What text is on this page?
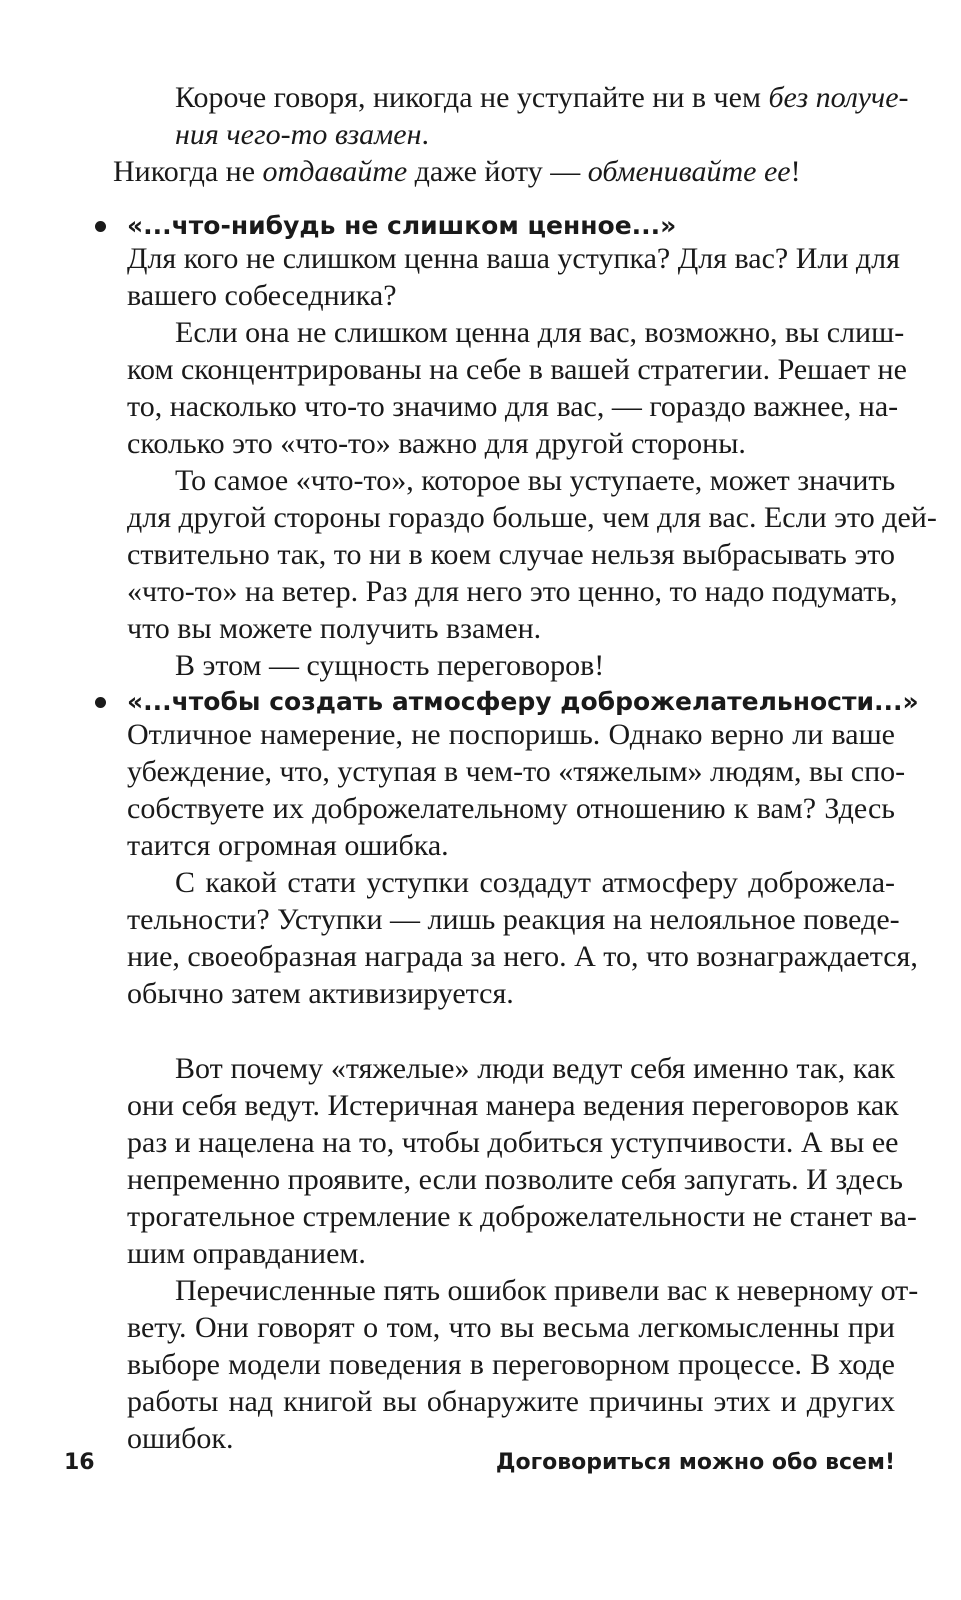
Короче говоря, никогда не уступайте ни в чем без получе-
ния чего-то взамен.
Никогда не отдавайте даже йоту — обменивайте ее!
«...что-нибудь не слишком ценное...»
Для кого не слишком ценна ваша уступка? Для вас? Или для
вашего собеседника?
Если она не слишком ценна для вас, возможно, вы слиш-
ком сконцентрированы на себе в вашей стратегии. Решает не
то, насколько что-то значимо для вас, — гораздо важнее, на-
сколько это «что-то» важно для другой стороны.
То самое «что-то», которое вы уступаете, может значить
для другой стороны гораздо больше, чем для вас. Если это дей-
ствительно так, то ни в коем случае нельзя выбрасывать это
«что-то» на ветер. Раз для него это ценно, то надо подумать,
что вы можете получить взамен.
В этом — сущность переговоров!
«...чтобы создать атмосферу доброжелательности...»
Отличное намерение, не поспоришь. Однако верно ли ваше
убеждение, что, уступая в чем-то «тяжелым» людям, вы спо-
собствуете их доброжелательному отношению к вам? Здесь
таится огромная ошибка.
С какой стати уступки создадут атмосферу доброжела-
тельности? Уступки — лишь реакция на нелояльное поведе-
ние, своеобразная награда за него. А то, что вознаграждается,
обычно затем активизируется.
Вот почему «тяжелые» люди ведут себя именно так, как
они себя ведут. Истеричная манера ведения переговоров как
раз и нацелена на то, чтобы добиться уступчивости. А вы ее
непременно проявите, если позволите себя запугать. И здесь
трогательное стремление к доброжелательности не станет ва-
шим оправданием.
Перечисленные пять ошибок привели вас к неверному от-
вету. Они говорят о том, что вы весьма легкомысленны при
выборе модели поведения в переговорном процессе. В ходе
работы над книгой вы обнаружите причины этих и других
ошибок.
16	Договориться можно обо всем!
